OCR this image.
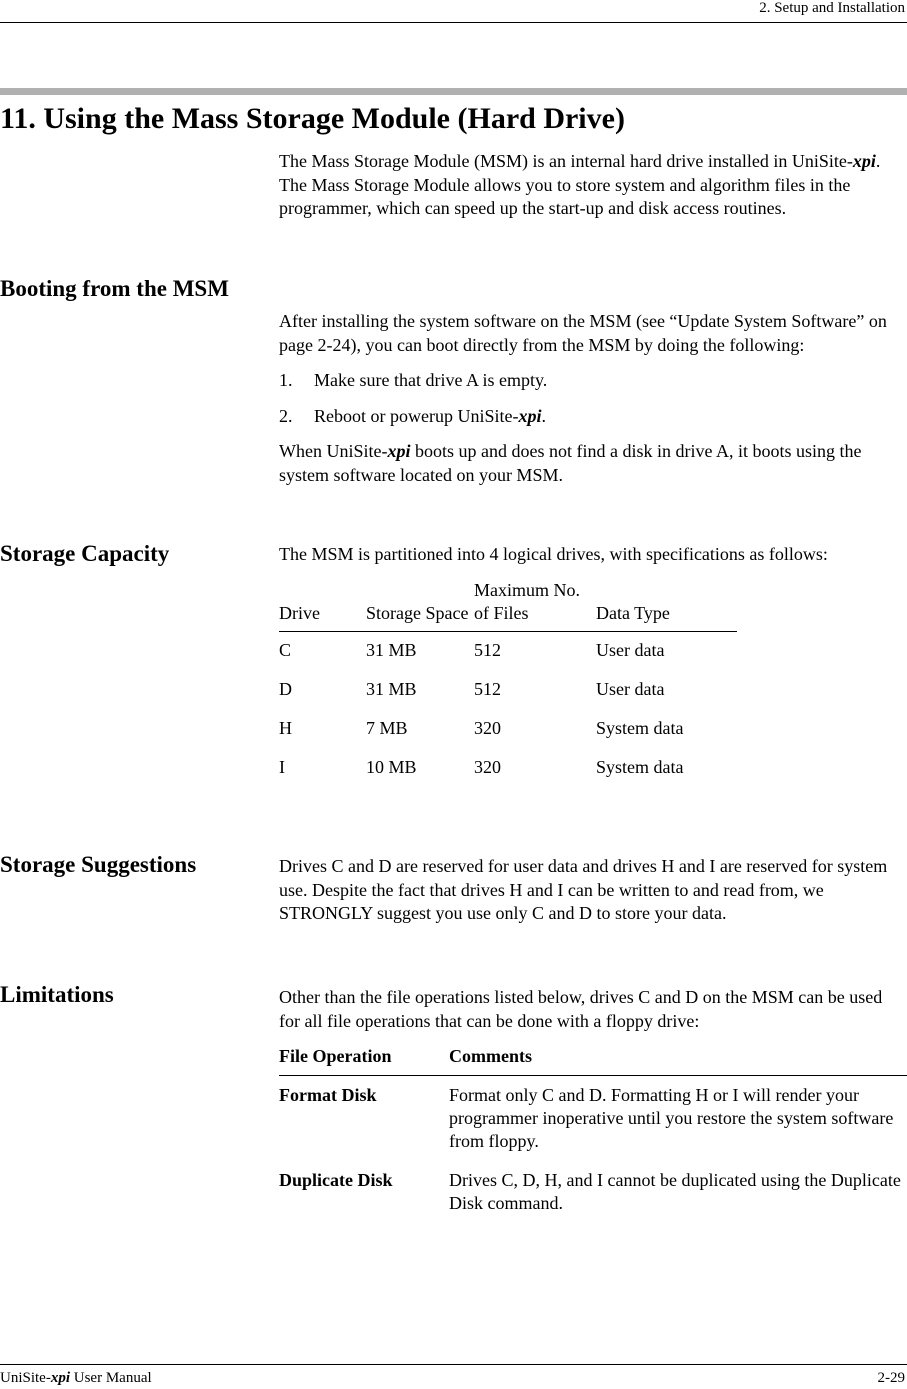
2. Setup and Installation
11. Using the Mass Storage Module (Hard Drive)
The Mass Storage Module (MSM) is an internal hard drive installed in UniSite-xpi. The Mass Storage Module allows you to store system and algorithm files in the programmer, which can speed up the start-up and disk access routines.
Booting from the MSM

After installing the system software on the MSM (see “Update System Software” on page 2-24), you can boot directly from the MSM by doing the following:

1.	Make sure that drive A is empty.
2.	Reboot or powerup UniSite-xpi.

When UniSite-xpi boots up and does not find a disk in drive A, it boots using the system software located on your MSM.

Storage Capacity	The MSM is partitioned into 4 logical drives, with specifications as follows:

Drive	Storage Space	Maximum No. of Files	Data Type
C	31 MB	512	User data
D	31 MB	512	User data
H	7 MB	320	System data
I	10 MB	320	System data
Storage Suggestions	Drives C and D are reserved for user data and drives H and I are reserved for system use. Despite the fact that drives H and I can be written to and read from, we STRONGLY suggest you use only C and D to store your data.
Limitations	Other than the file operations listed below, drives C and D on the MSM can be used for all file operations that can be done with a floppy drive:

File Operation	Comments
Format Disk	Format only C and D. Formatting H or I will render your programmer inoperative until you restore the system software from floppy.
Duplicate Disk	Drives C, D, H, and I cannot be duplicated using the Duplicate Disk command.
UniSite-xpi User Manual	2-29
